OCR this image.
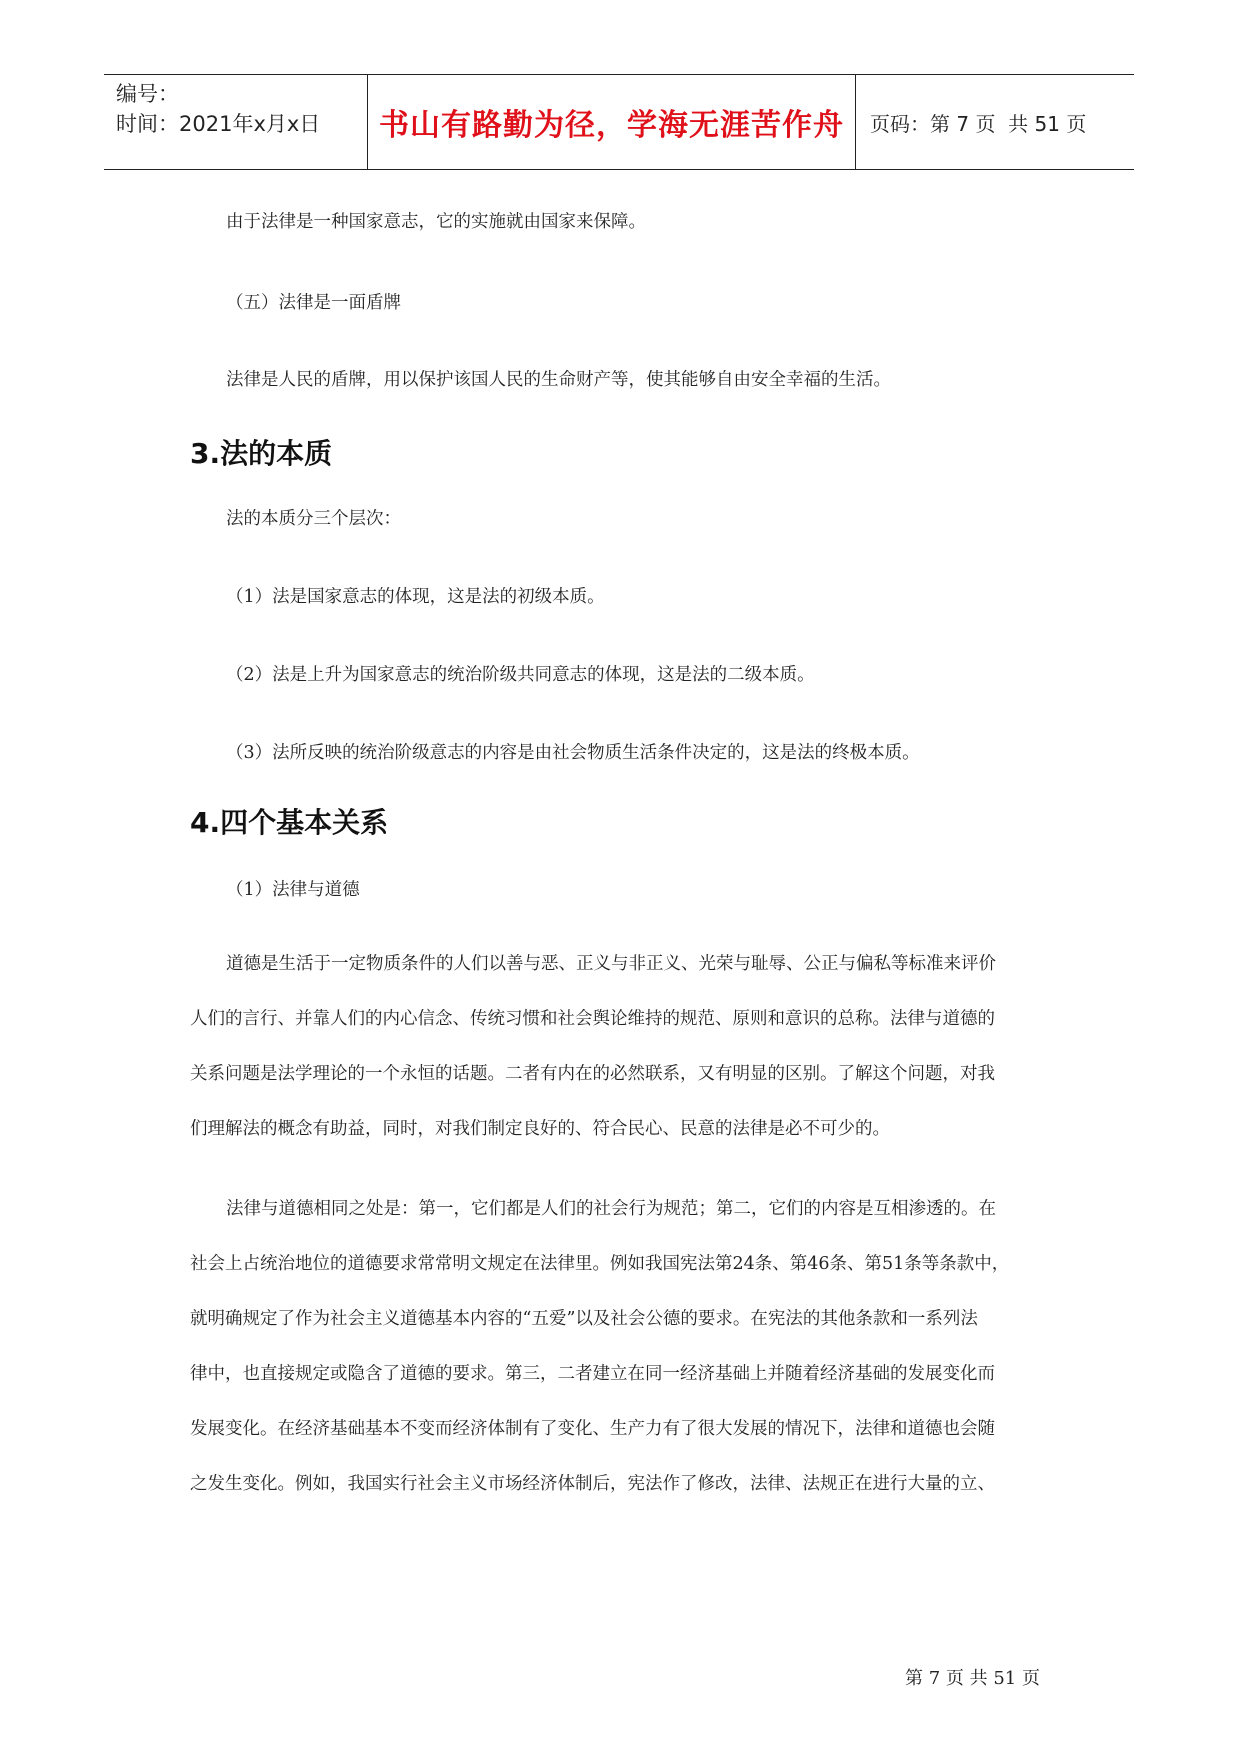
编号：
时间：2021年x月x日	书山有路勤为径，学海无涯苦作舟 页码：第 7 页  共 51 页
由于法律是一种国家意志，它的实施就由国家来保障。
（五）法律是一面盾牌
法律是人民的盾牌，用以保护该国人民的生命财产等，使其能够自由安全幸福的生活。
3.法的本质
法的本质分三个层次：
（1）法是国家意志的体现，这是法的初级本质。
（2）法是上升为国家意志的统治阶级共同意志的体现，这是法的二级本质。
（3）法所反映的统治阶级意志的内容是由社会物质生活条件决定的，这是法的终极本质。
4.四个基本关系
（1）法律与道德
道德是生活于一定物质条件的人们以善与恶、正义与非正义、光荣与耻辱、公正与偏私等标准来评价
人们的言行、并靠人们的内心信念、传统习惯和社会舆论维持的规范、原则和意识的总称。法律与道德的
关系问题是法学理论的一个永恒的话题。二者有内在的必然联系，又有明显的区别。了解这个问题，对我
们理解法的概念有助益，同时，对我们制定良好的、符合民心、民意的法律是必不可少的。
法律与道德相同之处是：第一，它们都是人们的社会行为规范；第二，它们的内容是互相渗透的。在
社会上占统治地位的道德要求常常明文规定在法律里。例如我国宪法第24条、第46条、第51条等条款中，
就明确规定了作为社会主义道德基本内容的“五爱”以及社会公德的要求。在宪法的其他条款和一系列法
律中，也直接规定或隐含了道德的要求。第三，二者建立在同一经济基础上并随着经济基础的发展变化而
发展变化。在经济基础基本不变而经济体制有了变化、生产力有了很大发展的情况下，法律和道德也会随
之发生变化。例如，我国实行社会主义市场经济体制后，宪法作了修改，法律、法规正在进行大量的立、
第 7 页 共 51 页
